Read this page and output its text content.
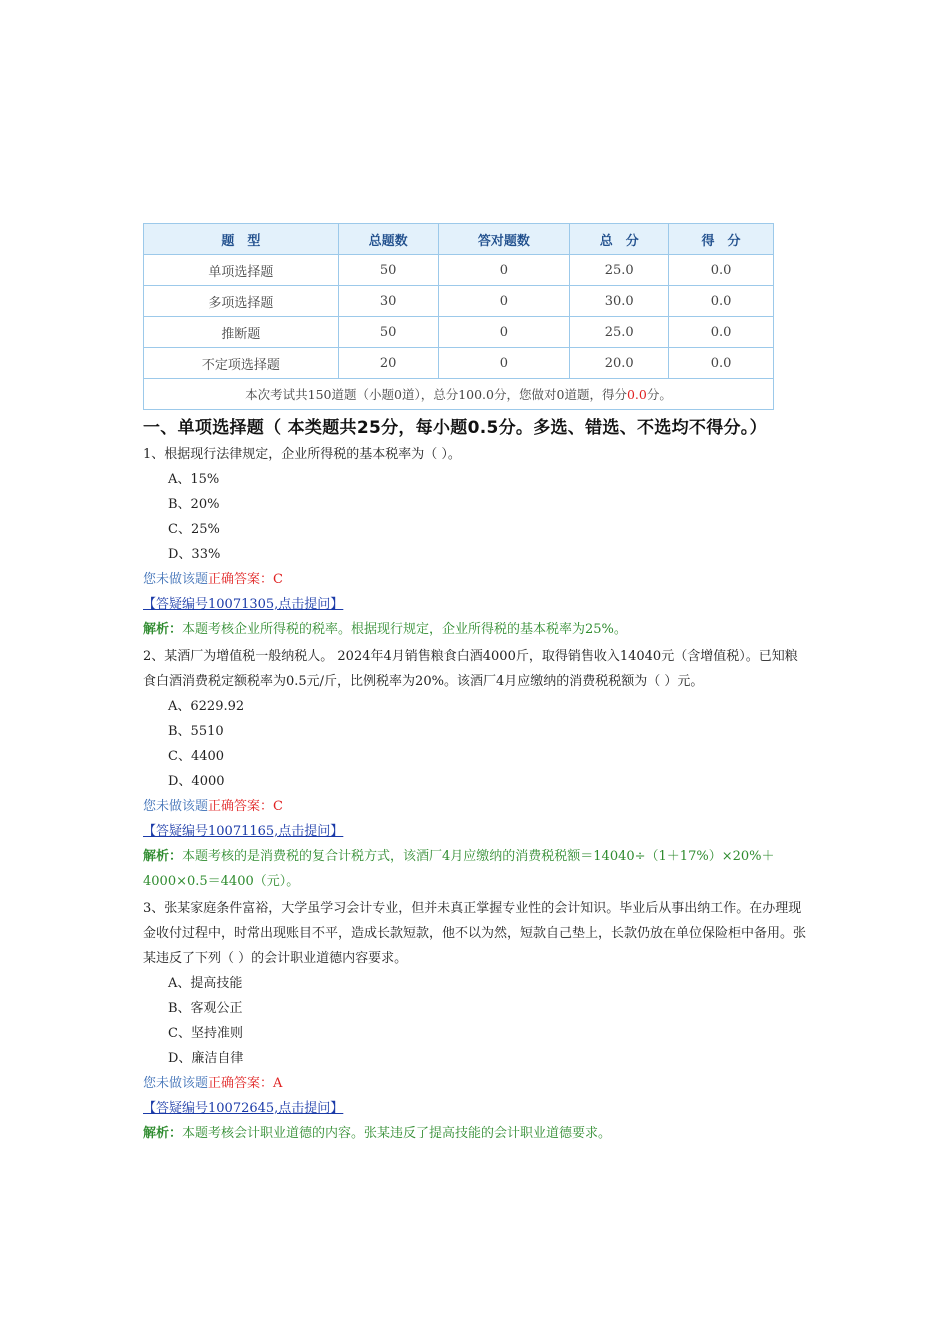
题　型	总题数	答对题数	总　分	得　分
单项选择题	50	0	25.0	0.0
多项选择题	30	0	30.0	0.0
推断题	50	0	25.0	0.0
不定项选择题	20	0	20.0	0.0
本次考试共150道题（小题0道），总分100.0分，您做对0道题，得分0.0分。				
一、单项选择题（ 本类题共25分，每小题0.5分。多选、错选、不选均不得分。）
1、根据现行法律规定，企业所得税的基本税率为（ ）。
A、15%
B、20%
C、25%
D、33%
您未做该题正确答案：C
【答疑编号10071305,点击提问】
解析：本题考核企业所得税的税率。根据现行规定，企业所得税的基本税率为25%。
2、某酒厂为增值税一般纳税人。 2024年4月销售粮食白酒4000斤，取得销售收入14040元（含增值税）。已知粮食白酒消费税定额税率为0.5元/斤，比例税率为20%。该酒厂4月应缴纳的消费税税额为（ ）元。
A、6229.92
B、5510
C、4400
D、4000
您未做该题正确答案：C
【答疑编号10071165,点击提问】
解析：本题考核的是消费税的复合计税方式，该酒厂4月应缴纳的消费税税额＝14040÷（1＋17%）×20%＋4000×0.5＝4400（元）。
3、张某家庭条件富裕，大学虽学习会计专业，但并未真正掌握专业性的会计知识。毕业后从事出纳工作。在办理现金收付过程中，时常出现账目不平，造成长款短款，他不以为然，短款自己垫上，长款仍放在单位保险柜中备用。张某违反了下列（ ）的会计职业道德内容要求。
A、提高技能
B、客观公正
C、坚持准则
D、廉洁自律
您未做该题正确答案：A
【答疑编号10072645,点击提问】
解析：本题考核会计职业道德的内容。张某违反了提高技能的会计职业道德要求。
